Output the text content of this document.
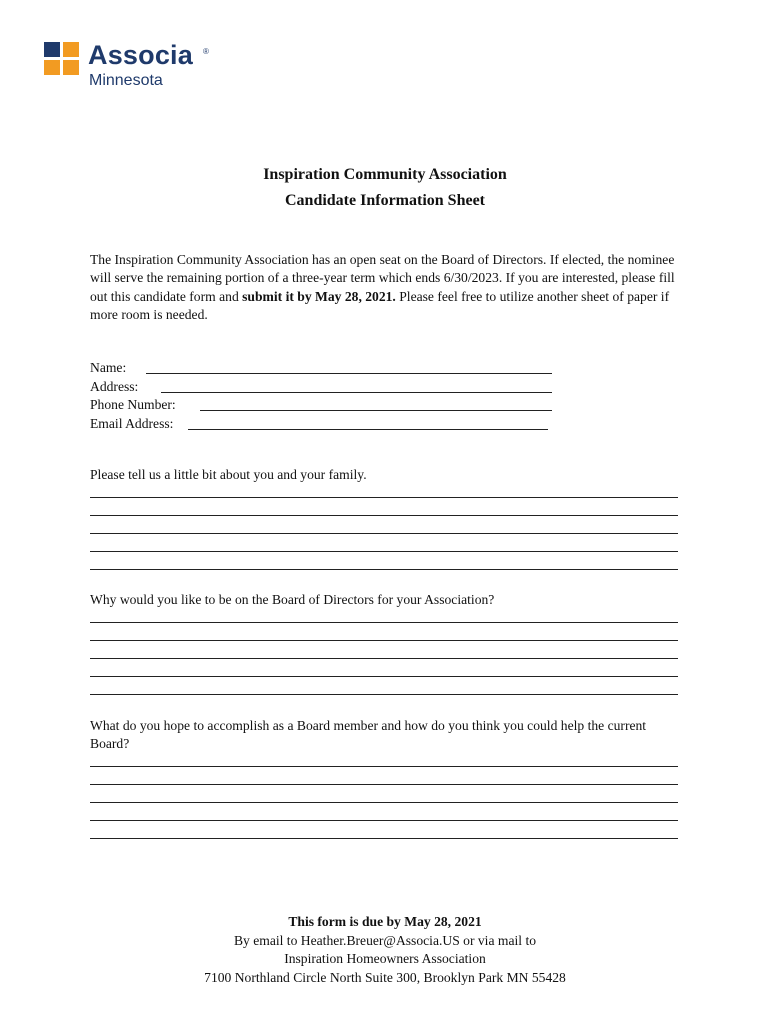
Associa ®
Minnesota
Inspiration Community Association
Candidate Information Sheet
The Inspiration Community Association has an open seat on the Board of Directors. If elected, the nominee will serve the remaining portion of a three-year term which ends 6/30/2023. If you are interested, please fill out this candidate form and submit it by May 28, 2021. Please feel free to utilize another sheet of paper if more room is needed.
Name:
Address:
Phone Number:
Email Address:
Please tell us a little bit about you and your family.
Why would you like to be on the Board of Directors for your Association?
What do you hope to accomplish as a Board member and how do you think you could help the current Board?
This form is due by May 28, 2021
By email to Heather.Breuer@Associa.US or via mail to
Inspiration Homeowners Association
7100 Northland Circle North Suite 300, Brooklyn Park MN 55428
